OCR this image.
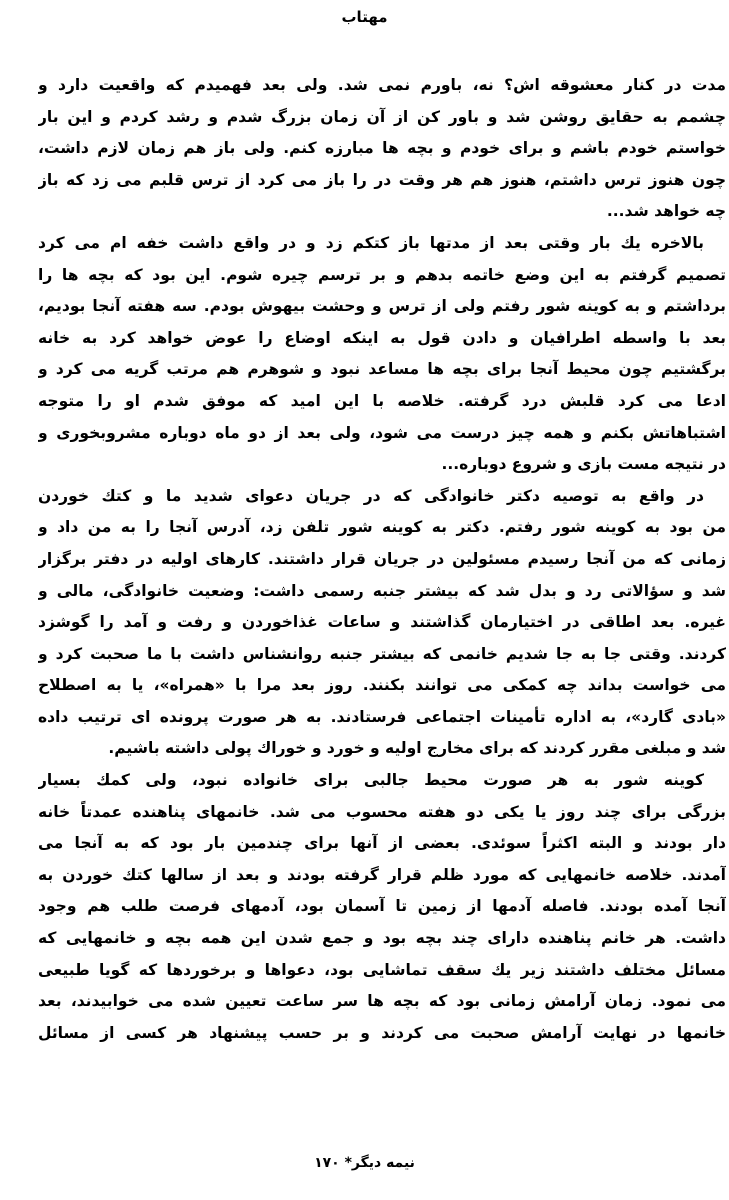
مهتاب
مدت در کنار معشوقه اش؟ نه، باورم نمی شد. ولی بعد فهمیدم که واقعیت دارد و
چشمم به حقایق روشن شد و باور کن از آن زمان بزرگ شدم و رشد کردم و این بار
خواستم خودم باشم و برای خودم و بچه ها مبارزه کنم. ولی باز هم زمان لازم داشت،
چون هنوز ترس داشتم، هنوز هم هر وقت در را باز می کرد از ترس قلبم می زد که باز
چه خواهد شد...
بالاخره یك بار وقتی بعد از مدتها باز کتکم زد و در واقع داشت خفه ام می کرد
تصمیم گرفتم به این وضع خاتمه بدهم و بر ترسم چیره شوم. این بود که بچه ها را
برداشتم و به کوینه شور رفتم ولی از ترس و وحشت بیهوش بودم. سه هفته آنجا بودیم،
بعد با واسطه اطرافیان و دادن قول به اینکه اوضاع را عوض خواهد کرد به خانه
برگشتیم چون محیط آنجا برای بچه ها مساعد نبود و شوهرم هم مرتب گریه می کرد و
ادعا می کرد قلبش درد گرفته. خلاصه با این امید که موفق شدم او را متوجه
اشتباهاتش بکنم و همه چیز درست می شود، ولی بعد از دو ماه دوباره مشروبخوری و
در نتیجه مست بازی و شروع دوباره...
در واقع به توصیه دکتر خانوادگی که در جریان دعوای شدید ما و کتك خوردن
من بود به کوینه شور رفتم. دکتر به کوینه شور تلفن زد، آدرس آنجا را به من داد و
زمانی که من آنجا رسیدم مسئولین در جریان قرار داشتند. کارهای اولیه در دفتر برگزار
شد و سؤالاتی رد و بدل شد که بیشتر جنبه رسمی داشت: وضعیت خانوادگی، مالی و
غیره. بعد اطاقی در اختیارمان گذاشتند و ساعات غذاخوردن و رفت و آمد را گوشزد
کردند. وقتی جا به جا شدیم خانمی که بیشتر جنبه روانشناس داشت با ما صحبت کرد و
می خواست بداند چه کمکی می توانند بکنند. روز بعد مرا با «همراه»، یا به اصطلاح
«بادی گارد»، به اداره تأمینات اجتماعی فرستادند. به هر صورت پرونده ای ترتیب داده
شد و مبلغی مقرر کردند که برای مخارج اولیه و خورد و خوراك پولی داشته باشیم.
کوینه شور به هر صورت محیط جالبی برای خانواده نبود، ولی کمك بسیار
بزرگی برای چند روز یا یکی دو هفته محسوب می شد. خانمهای پناهنده عمدتاً خانه
دار بودند و البته اکثراً سوئدی. بعضی از آنها برای چندمین بار بود که به آنجا می
آمدند. خلاصه خانمهایی که مورد ظلم قرار گرفته بودند و بعد از سالها کتك خوردن به
آنجا آمده بودند. فاصله آدمها از زمین تا آسمان بود، آدمهای فرصت طلب هم وجود
داشت. هر خانم پناهنده دارای چند بچه بود و جمع شدن این همه بچه و خانمهایی که
مسائل مختلف داشتند زیر یك سقف تماشایی بود، دعواها و برخوردها که گویا طبیعی
می نمود. زمان آرامش زمانی بود که بچه ها سر ساعت تعیین شده می خوابیدند، بعد
خانمها در نهایت آرامش صحبت می کردند و بر حسب پیشنهاد هر کسی از مسائل
نیمه دیگر* ۱۷۰
